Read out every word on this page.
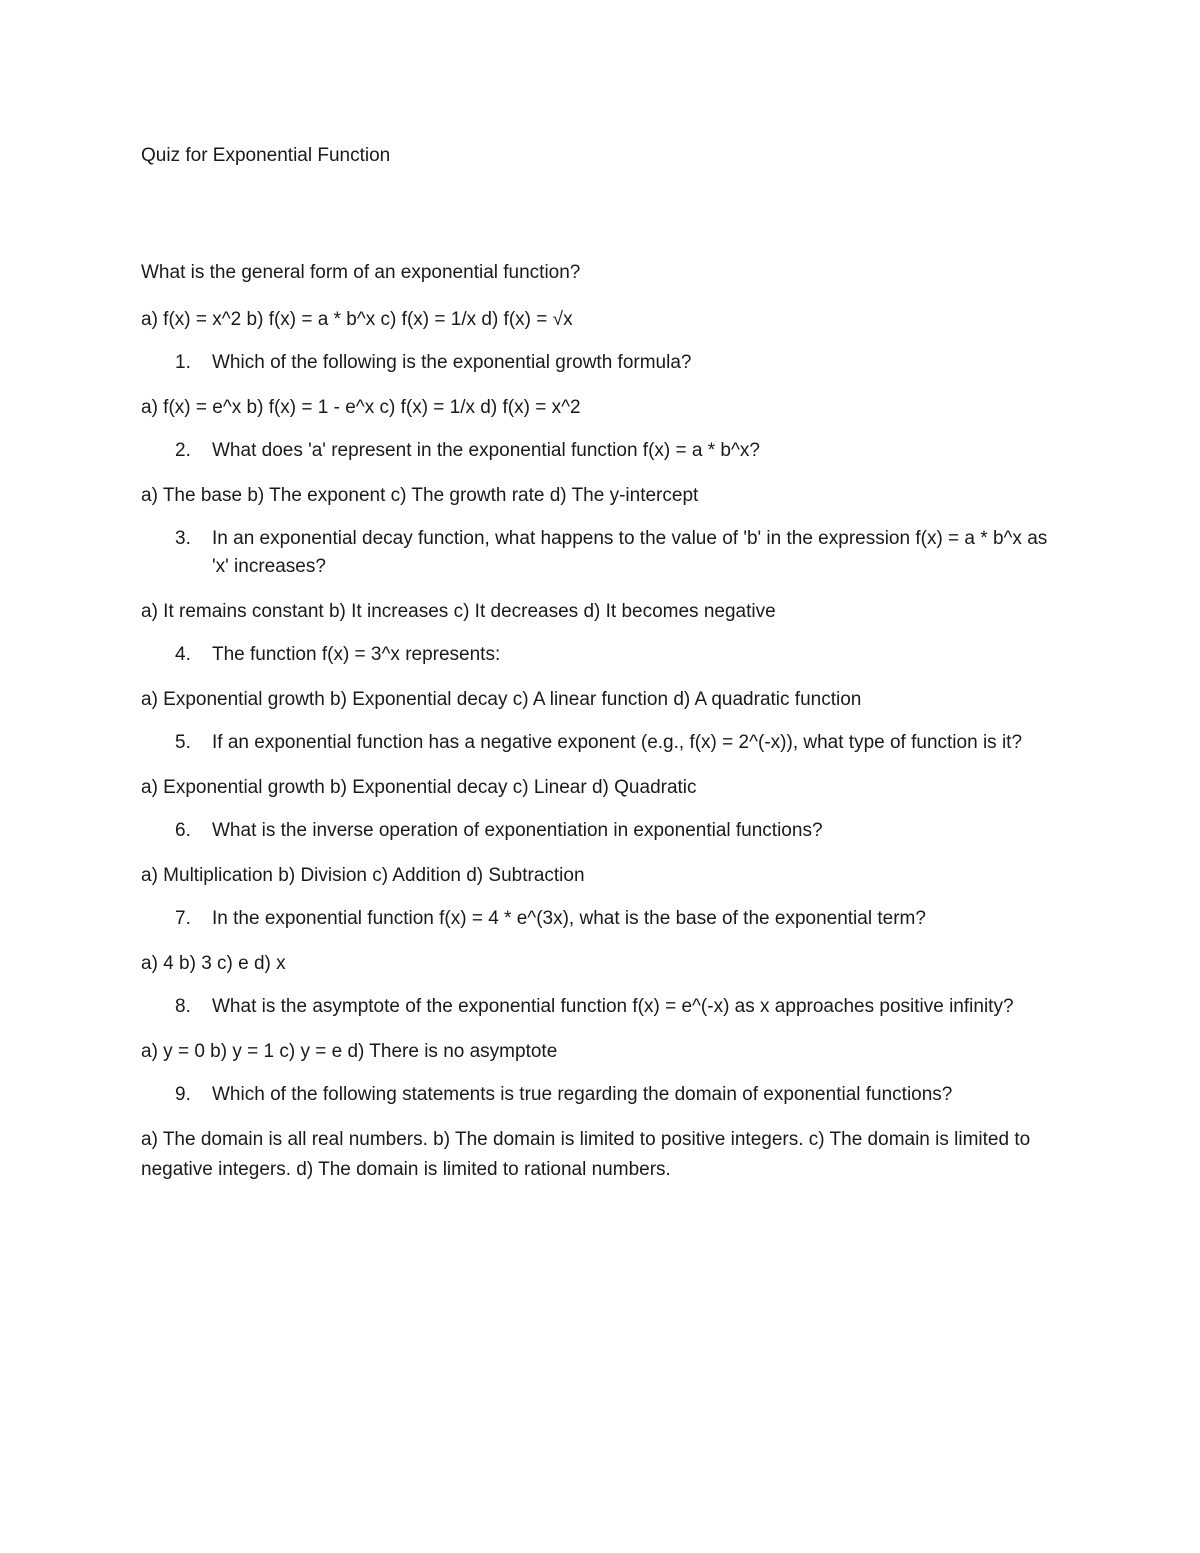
Quiz for Exponential Function
What is the general form of an exponential function?
a) f(x) = x^2 b) f(x) = a * b^x c) f(x) = 1/x d) f(x) = √x
1. Which of the following is the exponential growth formula?
a) f(x) = e^x b) f(x) = 1 - e^x c) f(x) = 1/x d) f(x) = x^2
2. What does 'a' represent in the exponential function f(x) = a * b^x?
a) The base b) The exponent c) The growth rate d) The y-intercept
3. In an exponential decay function, what happens to the value of 'b' in the expression f(x) = a * b^x as 'x' increases?
a) It remains constant b) It increases c) It decreases d) It becomes negative
4. The function f(x) = 3^x represents:
a) Exponential growth b) Exponential decay c) A linear function d) A quadratic function
5. If an exponential function has a negative exponent (e.g., f(x) = 2^(-x)), what type of function is it?
a) Exponential growth b) Exponential decay c) Linear d) Quadratic
6. What is the inverse operation of exponentiation in exponential functions?
a) Multiplication b) Division c) Addition d) Subtraction
7. In the exponential function f(x) = 4 * e^(3x), what is the base of the exponential term?
a) 4 b) 3 c) e d) x
8. What is the asymptote of the exponential function f(x) = e^(-x) as x approaches positive infinity?
a) y = 0 b) y = 1 c) y = e d) There is no asymptote
9. Which of the following statements is true regarding the domain of exponential functions?
a) The domain is all real numbers. b) The domain is limited to positive integers. c) The domain is limited to negative integers. d) The domain is limited to rational numbers.
